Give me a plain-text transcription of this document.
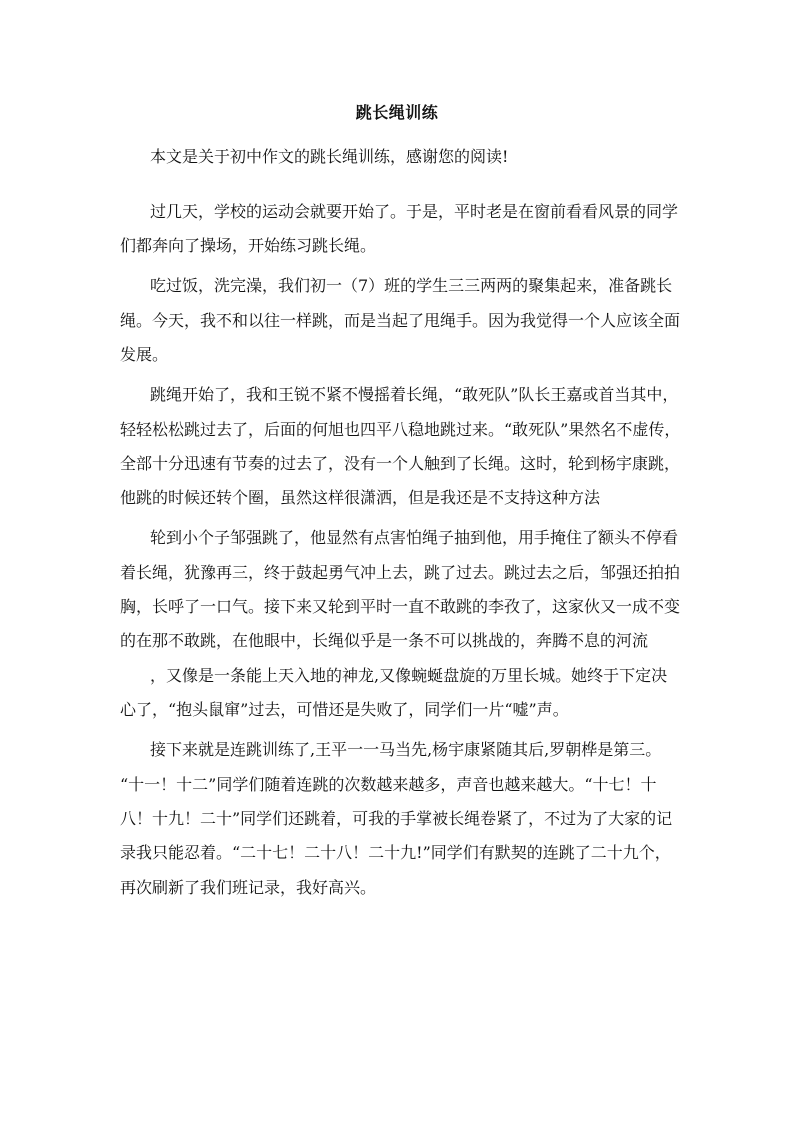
跳长绳训练
本文是关于初中作文的跳长绳训练，感谢您的阅读!
过几天，学校的运动会就要开始了。于是，平时老是在窗前看看风景的同学
们都奔向了操场，开始练习跳长绳。
吃过饭，洗完澡，我们初一（7）班的学生三三两两的聚集起来，准备跳长
绳。今天，我不和以往一样跳，而是当起了甩绳手。因为我觉得一个人应该全面
发展。
跳绳开始了，我和王锐不紧不慢摇着长绳，“敢死队”队长王嘉或首当其中，
轻轻松松跳过去了，后面的何旭也四平八稳地跳过来。“敢死队”果然名不虚传，
全部十分迅速有节奏的过去了，没有一个人触到了长绳。这时，轮到杨宇康跳，
他跳的时候还转个圈，虽然这样很潇洒，但是我还是不支持这种方法
轮到小个子邹强跳了，他显然有点害怕绳子抽到他，用手掩住了额头不停看
着长绳，犹豫再三，终于鼓起勇气冲上去，跳了过去。跳过去之后，邹强还拍拍
胸，长呼了一口气。接下来又轮到平时一直不敢跳的李孜了，这家伙又一成不变
的在那不敢跳，在他眼中，长绳似乎是一条不可以挑战的，奔腾不息的河流
，又像是一条能上天入地的神龙,又像蜿蜒盘旋的万里长城。她终于下定决
心了，“抱头鼠窜”过去，可惜还是失败了，同学们一片“嘘”声。
接下来就是连跳训练了,王平一一马当先,杨宇康紧随其后,罗朝桦是第三。
“十一！十二”同学们随着连跳的次数越来越多，声音也越来越大。“十七！十
八！十九！二十”同学们还跳着，可我的手掌被长绳卷紧了，不过为了大家的记
录我只能忍着。“二十七！二十八！二十九!”同学们有默契的连跳了二十九个，
再次刷新了我们班记录，我好高兴。
